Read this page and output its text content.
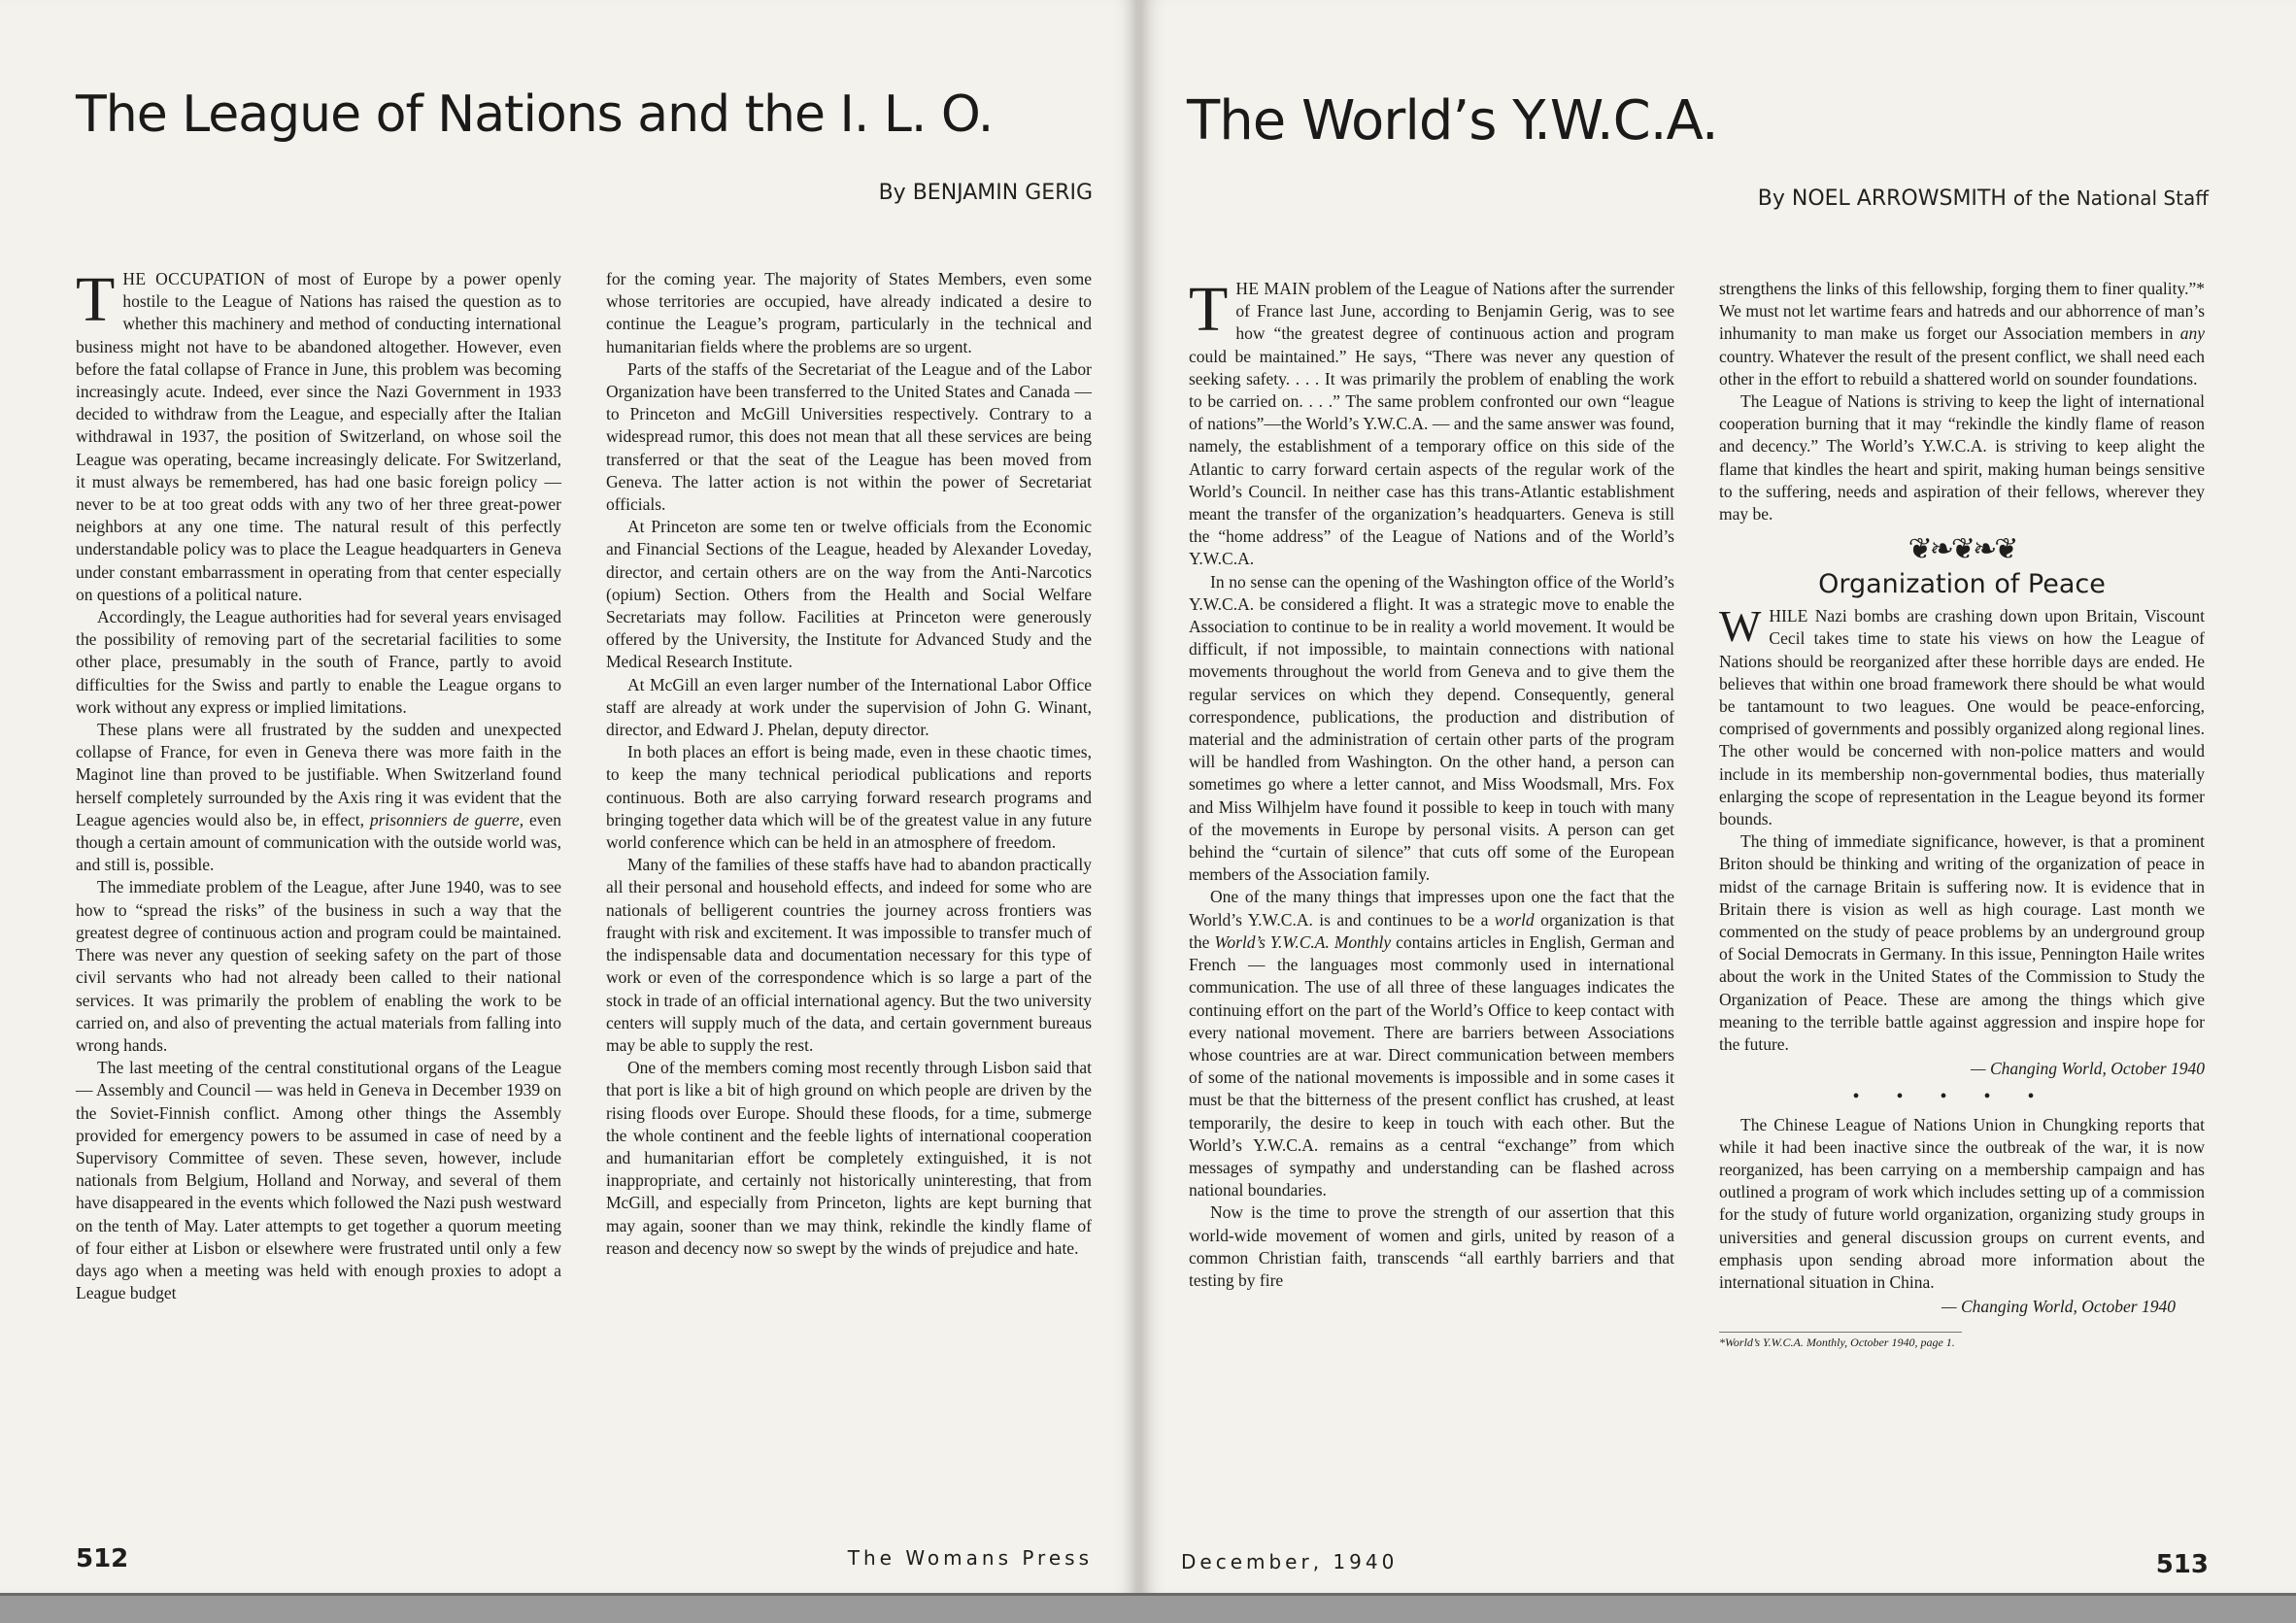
The League of Nations and the I. L. O.
By BENJAMIN GERIG

THE OCCUPATION of most of Europe by a power openly hostile to the League of Nations has raised the question as to whether this machinery and method of conducting international business might not have to be abandoned altogether. However, even before the fatal collapse of France in June, this problem was becoming increasingly acute. Indeed, ever since the Nazi Government in 1933 decided to withdraw from the League, and especially after the Italian withdrawal in 1937, the position of Switzerland, on whose soil the League was operating, became increasingly delicate. For Switzerland, it must always be remembered, has had one basic foreign policy — never to be at too great odds with any two of her three great-power neighbors at any one time. The natural result of this perfectly understandable policy was to place the League headquarters in Geneva under constant embarrassment in operating from that center especially on questions of a political nature.

Accordingly, the League authorities had for several years envisaged the possibility of removing part of the secretarial facilities to some other place, presumably in the south of France, partly to avoid difficulties for the Swiss and partly to enable the League organs to work without any express or implied limitations.

These plans were all frustrated by the sudden and unexpected collapse of France, for even in Geneva there was more faith in the Maginot line than proved to be justifiable. When Switzerland found herself completely surrounded by the Axis ring it was evident that the League agencies would also be, in effect, prisonniers de guerre, even though a certain amount of communication with the outside world was, and still is, possible.

The immediate problem of the League, after June 1940, was to see how to “spread the risks” of the business in such a way that the greatest degree of continuous action and program could be maintained. There was never any question of seeking safety on the part of those civil servants who had not already been called to their national services. It was primarily the problem of enabling the work to be carried on, and also of preventing the actual materials from falling into wrong hands.

The last meeting of the central constitutional organs of the League — Assembly and Council — was held in Geneva in December 1939 on the Soviet-Finnish conflict. Among other things the Assembly provided for emergency powers to be assumed in case of need by a Supervisory Committee of seven. These seven, however, include nationals from Belgium, Holland and Norway, and several of them have disappeared in the events which followed the Nazi push westward on the tenth of May. Later attempts to get together a quorum meeting of four either at Lisbon or elsewhere were frustrated until only a few days ago when a meeting was held with enough proxies to adopt a League budget

for the coming year. The majority of States Members, even some whose territories are occupied, have already indicated a desire to continue the League’s program, particularly in the technical and humanitarian fields where the problems are so urgent.

Parts of the staffs of the Secretariat of the League and of the Labor Organization have been transferred to the United States and Canada — to Princeton and McGill Universities respectively. Contrary to a widespread rumor, this does not mean that all these services are being transferred or that the seat of the League has been moved from Geneva. The latter action is not within the power of Secretariat officials.

At Princeton are some ten or twelve officials from the Economic and Financial Sections of the League, headed by Alexander Loveday, director, and certain others are on the way from the Anti-Narcotics (opium) Section. Others from the Health and Social Welfare Secretariats may follow. Facilities at Princeton were generously offered by the University, the Institute for Advanced Study and the Medical Research Institute.

At McGill an even larger number of the International Labor Office staff are already at work under the supervision of John G. Winant, director, and Edward J. Phelan, deputy director.

In both places an effort is being made, even in these chaotic times, to keep the many technical periodical publications and reports continuous. Both are also carrying forward research programs and bringing together data which will be of the greatest value in any future world conference which can be held in an atmosphere of freedom.

Many of the families of these staffs have had to abandon practically all their personal and household effects, and indeed for some who are nationals of belligerent countries the journey across frontiers was fraught with risk and excitement. It was impossible to transfer much of the indispensable data and documentation necessary for this type of work or even of the correspondence which is so large a part of the stock in trade of an official international agency. But the two university centers will supply much of the data, and certain government bureaus may be able to supply the rest.

One of the members coming most recently through Lisbon said that that port is like a bit of high ground on which people are driven by the rising floods over Europe. Should these floods, for a time, submerge the whole continent and the feeble lights of international cooperation and humanitarian effort be completely extinguished, it is not inappropriate, and certainly not historically uninteresting, that from McGill, and especially from Princeton, lights are kept burning that may again, sooner than we may think, rekindle the kindly flame of reason and decency now so swept by the winds of prejudice and hate.

512	The Womans Press
The World’s Y.W.C.A.
By NOEL ARROWSMITH of the National Staff

THE MAIN problem of the League of Nations after the surrender of France last June, according to Benjamin Gerig, was to see how “the greatest degree of continuous action and program could be maintained.” He says, “There was never any question of seeking safety. . . . It was primarily the problem of enabling the work to be carried on. . . .” The same problem confronted our own “league of nations”—the World’s Y.W.C.A. — and the same answer was found, namely, the establishment of a temporary office on this side of the Atlantic to carry forward certain aspects of the regular work of the World’s Council. In neither case has this trans-Atlantic establishment meant the transfer of the organization’s headquarters. Geneva is still the “home address” of the League of Nations and of the World’s Y.W.C.A.

In no sense can the opening of the Washington office of the World’s Y.W.C.A. be considered a flight. It was a strategic move to enable the Association to continue to be in reality a world movement. It would be difficult, if not impossible, to maintain connections with national movements throughout the world from Geneva and to give them the regular services on which they depend. Consequently, general correspondence, publications, the production and distribution of material and the administration of certain other parts of the program will be handled from Washington. On the other hand, a person can sometimes go where a letter cannot, and Miss Woodsmall, Mrs. Fox and Miss Wilhjelm have found it possible to keep in touch with many of the movements in Europe by personal visits. A person can get behind the “curtain of silence” that cuts off some of the European members of the Association family.

One of the many things that impresses upon one the fact that the World’s Y.W.C.A. is and continues to be a world organization is that the World’s Y.W.C.A. Monthly contains articles in English, German and French — the languages most commonly used in international communication. The use of all three of these languages indicates the continuing effort on the part of the World’s Office to keep contact with every national movement. There are barriers between Associations whose countries are at war. Direct communication between members of some of the national movements is impossible and in some cases it must be that the bitterness of the present conflict has crushed, at least temporarily, the desire to keep in touch with each other. But the World’s Y.W.C.A. remains as a central “exchange” from which messages of sympathy and understanding can be flashed across national boundaries.

Now is the time to prove the strength of our assertion that this world-wide movement of women and girls, united by reason of a common Christian faith, transcends “all earthly barriers and that testing by fire

strengthens the links of this fellowship, forging them to finer quality.”* We must not let wartime fears and hatreds and our abhorrence of man’s inhumanity to man make us forget our Association members in any country. Whatever the result of the present conflict, we shall need each other in the effort to rebuild a shattered world on sounder foundations.

The League of Nations is striving to keep the light of international cooperation burning that it may “rekindle the kindly flame of reason and decency.” The World’s Y.W.C.A. is striving to keep alight the flame that kindles the heart and spirit, making human beings sensitive to the suffering, needs and aspiration of their fellows, wherever they may be.

❦❧❦❧❦
Organization of Peace

WHILE Nazi bombs are crashing down upon Britain, Viscount Cecil takes time to state his views on how the League of Nations should be reorganized after these horrible days are ended. He believes that within one broad framework there should be what would be tantamount to two leagues. One would be peace-enforcing, comprised of governments and possibly organized along regional lines. The other would be concerned with non-police matters and would include in its membership non-governmental bodies, thus materially enlarging the scope of representation in the League beyond its former bounds.

The thing of immediate significance, however, is that a prominent Briton should be thinking and writing of the organization of peace in midst of the carnage Britain is suffering now. It is evidence that in Britain there is vision as well as high courage. Last month we commented on the study of peace problems by an underground group of Social Democrats in Germany. In this issue, Pennington Haile writes about the work in the United States of the Commission to Study the Organization of Peace. These are among the things which give meaning to the terrible battle against aggression and inspire hope for the future.

— Changing World, October 1940
•••••

The Chinese League of Nations Union in Chungking reports that while it had been inactive since the outbreak of the war, it is now reorganized, has been carrying on a membership campaign and has outlined a program of work which includes setting up of a commission for the study of future world organization, organizing study groups in universities and general discussion groups on current events, and emphasis upon sending abroad more information about the international situation in China.

— Changing World, October 1940
*World’s Y.W.C.A. Monthly, October 1940, page 1.
December, 1940	513
